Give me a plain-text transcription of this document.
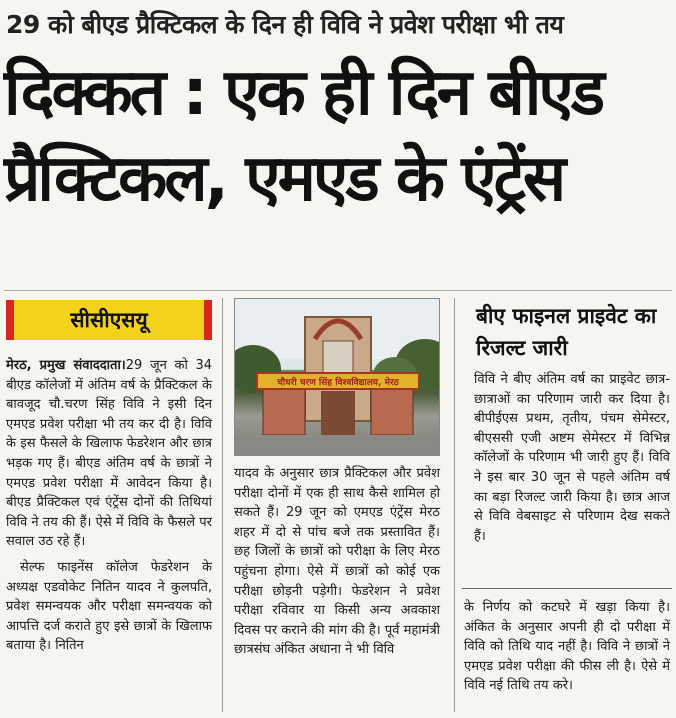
29 को बीएड प्रैक्टिकल के दिन ही विवि ने प्रवेश परीक्षा भी तय
दिक्कत : एक ही दिन बीएड
प्रैक्टिकल, एमएड के एंट्रेंस
सीसीएसयू

मेरठ, प्रमुख संवाददाता।29 जून को 34 बीएड कॉलेजों में अंतिम वर्ष के प्रैक्टिकल के बावजूद चौ.चरण सिंह विवि ने इसी दिन एमएड प्रवेश परीक्षा भी तय कर दी है। विवि के इस फैसले के खिलाफ फेडरेशन और छात्र भड़क गए हैं। बीएड अंतिम वर्ष के छात्रों ने एमएड प्रवेश परीक्षा में आवेदन किया है। बीएड प्रैक्टिकल एवं एंट्रेंस दोनों की तिथियां विवि ने तय की हैं। ऐसे में विवि के फैसले पर सवाल उठ रहे हैं।

सेल्फ फाइनेंस कॉलेज फेडरेशन के अध्यक्ष एडवोकेट नितिन यादव ने कुलपति, प्रवेश समन्वयक और परीक्षा समन्वयक को आपत्ति दर्ज कराते हुए इसे छात्रों के खिलाफ बताया है। नितिन

चौधरी चरण सिंह विश्वविद्यालय, मेरठ
यादव के अनुसार छात्र प्रैक्टिकल और प्रवेश परीक्षा दोनों में एक ही साथ कैसे शामिल हो सकते हैं। 29 जून को एमएड एंट्रेंस मेरठ शहर में दो से पांच बजे तक प्रस्तावित हैं। छह जिलों के छात्रों को परीक्षा के लिए मेरठ पहुंचना होगा। ऐसे में छात्रों को कोई एक परीक्षा छोड़नी पड़ेगी। फेडरेशन ने प्रवेश परीक्षा रविवार या किसी अन्य अवकाश दिवस पर कराने की मांग की है। पूर्व महामंत्री छात्रसंघ अंकित अधाना ने भी विवि
बीए फाइनल प्राइवेट का रिजल्ट जारी
विवि ने बीए अंतिम वर्ष का प्राइवेट छात्र-छात्राओं का परिणाम जारी कर दिया है। बीपीईएस प्रथम, तृतीय, पंचम सेमेस्टर, बीएससी एजी अष्टम सेमेस्टर में विभिन्न कॉलेजों के परिणाम भी जारी हुए हैं। विवि ने इस बार 30 जून से पहले अंतिम वर्ष का बड़ा रिजल्ट जारी किया है। छात्र आज से विवि वेबसाइट से परिणाम देख सकते हैं।
के निर्णय को कटघरे में खड़ा किया है। अंकित के अनुसार अपनी ही दो परीक्षा में विवि को तिथि याद नहीं है। विवि ने छात्रों ने एमएड प्रवेश परीक्षा की फीस ली है। ऐसे में विवि नई तिथि तय करे।
